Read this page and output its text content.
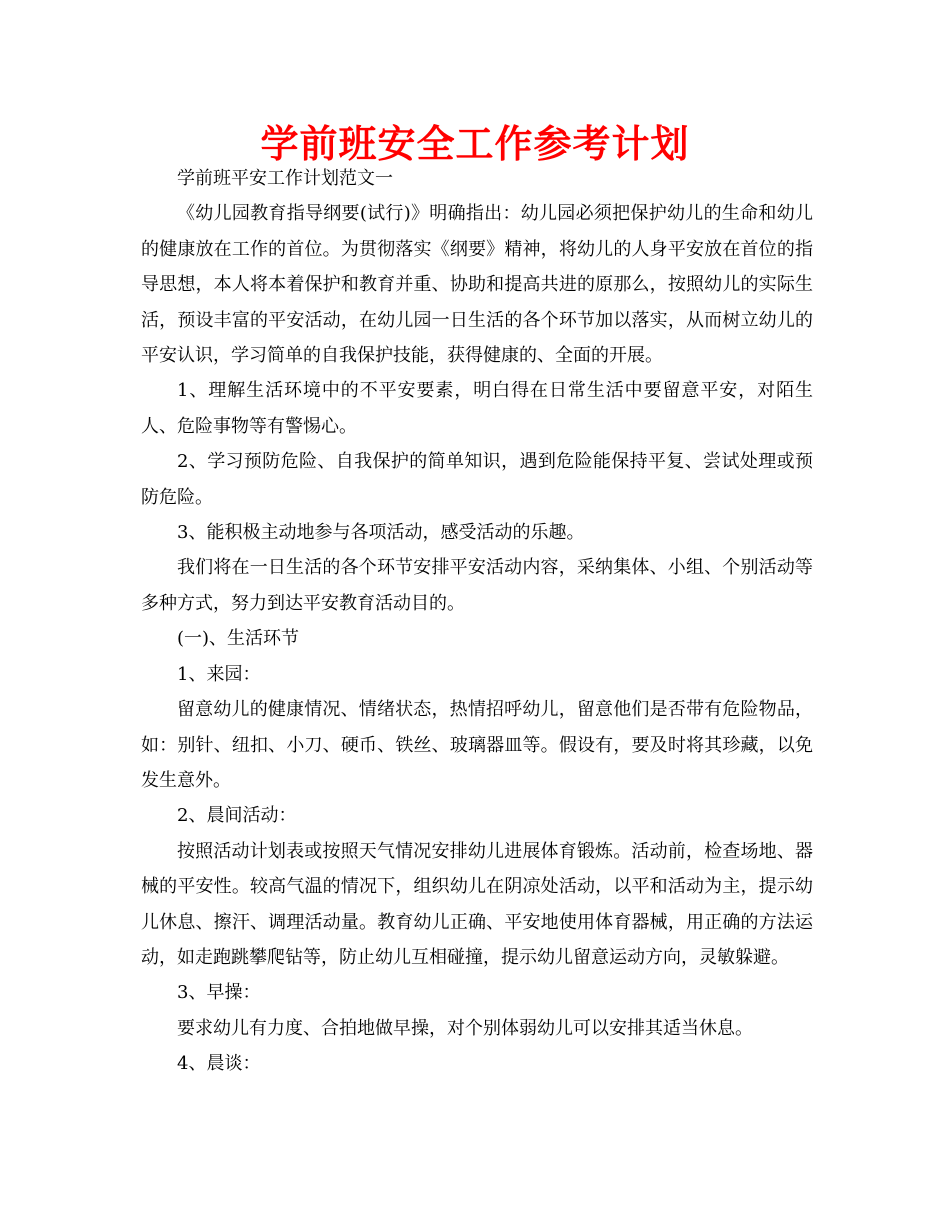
学前班安全工作参考计划

学前班平安工作计划范文一

《幼儿园教育指导纲要(试行)》明确指出：幼儿园必须把保护幼儿的生命和幼儿的健康放在工作的首位。为贯彻落实《纲要》精神，将幼儿的人身平安放在首位的指导思想，本人将本着保护和教育并重、协助和提高共进的原那么，按照幼儿的实际生活，预设丰富的平安活动，在幼儿园一日生活的各个环节加以落实，从而树立幼儿的平安认识，学习简单的自我保护技能，获得健康的、全面的开展。

1、理解生活环境中的不平安要素，明白得在日常生活中要留意平安，对陌生人、危险事物等有警惕心。

2、学习预防危险、自我保护的简单知识，遇到危险能保持平复、尝试处理或预防危险。

3、能积极主动地参与各项活动，感受活动的乐趣。

我们将在一日生活的各个环节安排平安活动内容，采纳集体、小组、个别活动等多种方式，努力到达平安教育活动目的。

(一)、生活环节

1、来园：

留意幼儿的健康情况、情绪状态，热情招呼幼儿，留意他们是否带有危险物品，如：别针、纽扣、小刀、硬币、铁丝、玻璃器皿等。假设有，要及时将其珍藏，以免发生意外。

2、晨间活动：

按照活动计划表或按照天气情况安排幼儿进展体育锻炼。活动前，检查场地、器械的平安性。较高气温的情况下，组织幼儿在阴凉处活动，以平和活动为主，提示幼儿休息、擦汗、调理活动量。教育幼儿正确、平安地使用体育器械，用正确的方法运动，如走跑跳攀爬钻等，防止幼儿互相碰撞，提示幼儿留意运动方向，灵敏躲避。

3、早操：

要求幼儿有力度、合拍地做早操，对个别体弱幼儿可以安排其适当休息。

4、晨谈：
